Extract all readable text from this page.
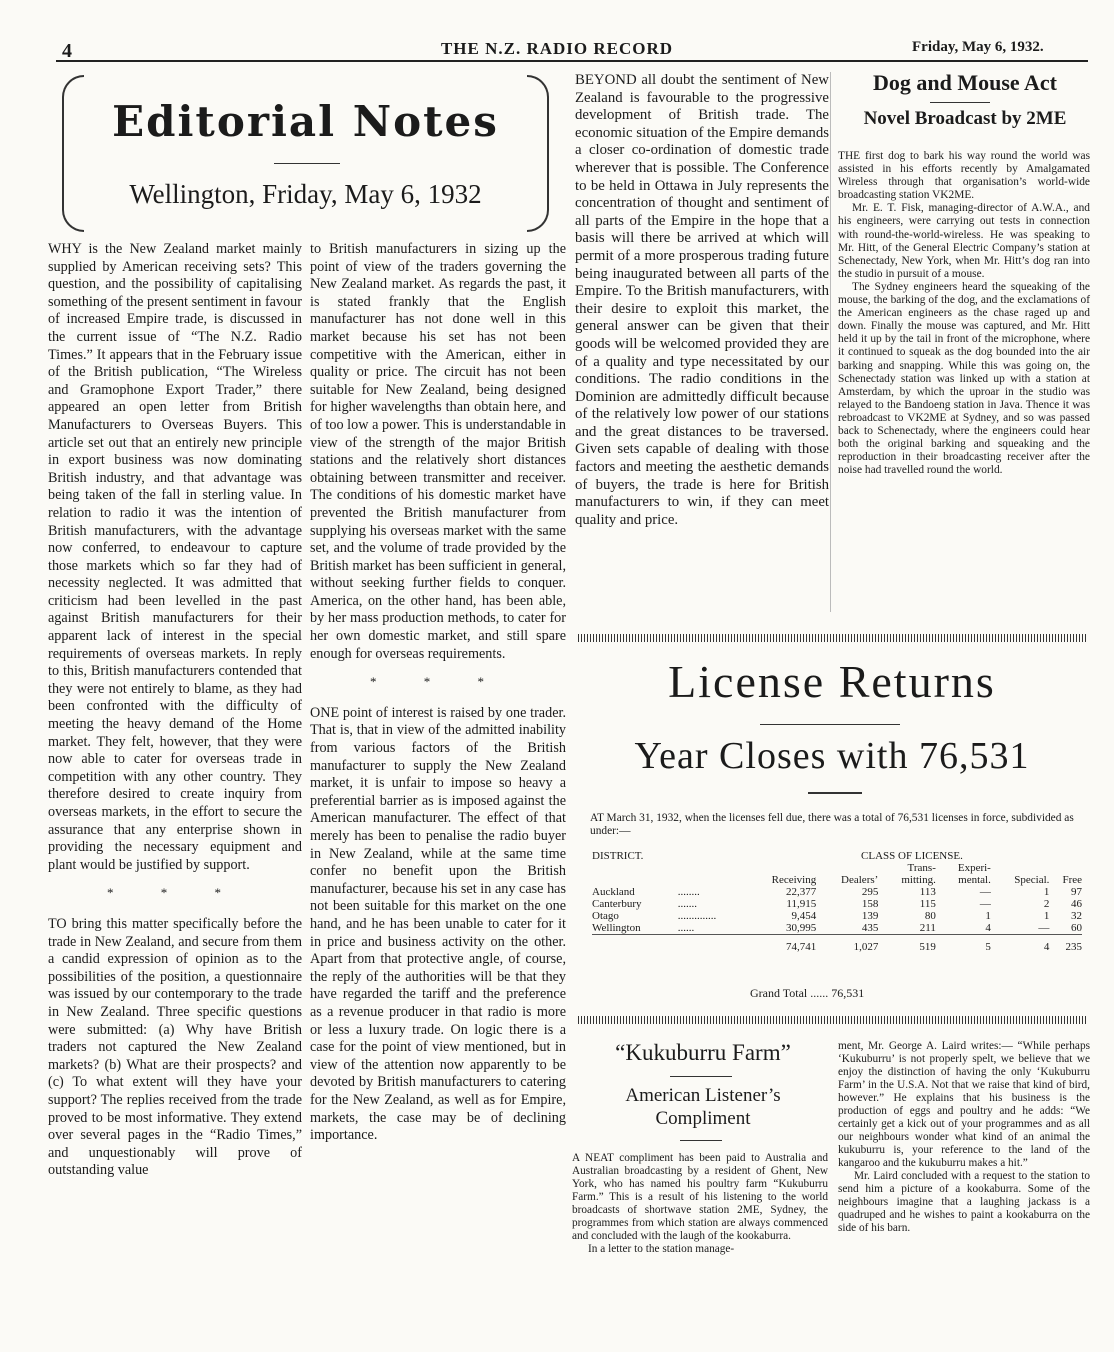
4	THE N.Z. RADIO RECORD	Friday, May 6, 1932.
Editorial Notes
Wellington, Friday, May 6, 1932

WHY is the New Zealand market mainly supplied by American receiving sets? This question, and the possibility of capitalising something of the present sentiment in favour of increased Empire trade, is discussed in the current issue of “The N.Z. Radio Times.” It appears that in the February issue of the British publication, “The Wireless and Gramophone Export Trader,” there appeared an open letter from British Manufacturers to Overseas Buyers. This article set out that an entirely new principle in export business was now dominating British industry, and that advantage was being taken of the fall in sterling value. In relation to radio it was the intention of British manufacturers, with the advantage now conferred, to endeavour to capture those markets which so far they had of necessity neglected. It was admitted that criticism had been levelled in the past against British manufacturers for their apparent lack of interest in the special requirements of overseas markets. In reply to this, British manufacturers contended that they were not entirely to blame, as they had been confronted with the difficulty of meeting the heavy demand of the Home market. They felt, however, that they were now able to cater for overseas trade in competition with any other country. They therefore desired to create inquiry from overseas markets, in the effort to secure the assurance that any enterprise shown in providing the necessary equipment and plant would be justified by support.

* * *

TO bring this matter specifically before the trade in New Zealand, and secure from them a candid expression of opinion as to the possibilities of the position, a questionnaire was issued by our contemporary to the trade in New Zealand. Three specific questions were submitted: (a) Why have British traders not captured the New Zealand markets? (b) What are their prospects? and (c) To what extent will they have your support? The replies received from the trade proved to be most informative. They extend over several pages in the “Radio Times,” and unquestionably will prove of outstanding value

to British manufacturers in sizing up the point of view of the traders governing the New Zealand market. As regards the past, it is stated frankly that the English manufacturer has not done well in this market because his set has not been competitive with the American, either in quality or price. The circuit has not been suitable for New Zealand, being designed for higher wavelengths than obtain here, and of too low a power. This is understandable in view of the strength of the major British stations and the relatively short distances obtaining between transmitter and receiver. The conditions of his domestic market have prevented the British manufacturer from supplying his overseas market with the same set, and the volume of trade provided by the British market has been sufficient in general, without seeking further fields to conquer. America, on the other hand, has been able, by her mass production methods, to cater for her own domestic market, and still spare enough for overseas requirements.

* * *

ONE point of interest is raised by one trader. That is, that in view of the admitted inability from various factors of the British manufacturer to supply the New Zealand market, it is unfair to impose so heavy a preferential barrier as is imposed against the American manufacturer. The effect of that merely has been to penalise the radio buyer in New Zealand, while at the same time confer no benefit upon the British manufacturer, because his set in any case has not been suitable for this market on the one hand, and he has been unable to cater for it in price and business activity on the other. Apart from that protective angle, of course, the reply of the authorities will be that they have regarded the tariff and the preference as a revenue producer in that radio is more or less a luxury trade. On logic there is a case for the point of view mentioned, but in view of the attention now apparently to be devoted by British manufacturers to catering for the New Zealand, as well as for Empire, markets, the case may be of declining importance.

BEYOND all doubt the sentiment of New Zealand is favourable to the progressive development of British trade. The economic situation of the Empire demands a closer co-ordination of domestic trade wherever that is possible. The Conference to be held in Ottawa in July represents the concentration of thought and sentiment of all parts of the Empire in the hope that a basis will there be arrived at which will permit of a more prosperous trading future being inaugurated between all parts of the Empire. To the British manufacturers, with their desire to exploit this market, the general answer can be given that their goods will be welcomed provided they are of a quality and type necessitated by our conditions. The radio conditions in the Dominion are admittedly difficult because of the relatively low power of our stations and the great distances to be traversed. Given sets capable of dealing with those factors and meeting the aesthetic demands of buyers, the trade is here for British manufacturers to win, if they can meet quality and price.

Dog and Mouse Act
Novel Broadcast by 2ME

THE first dog to bark his way round the world was assisted in his efforts recently by Amalgamated Wireless through that organisation’s world-wide broadcasting station VK2ME.

Mr. E. T. Fisk, managing-director of A.W.A., and his engineers, were carrying out tests in connection with round-the-world-wireless. He was speaking to Mr. Hitt, of the General Electric Company’s station at Schenectady, New York, when Mr. Hitt’s dog ran into the studio in pursuit of a mouse.

The Sydney engineers heard the squeaking of the mouse, the barking of the dog, and the exclamations of the American engineers as the chase raged up and down. Finally the mouse was captured, and Mr. Hitt held it up by the tail in front of the microphone, where it continued to squeak as the dog bounded into the air barking and snapping. While this was going on, the Schenectady station was linked up with a station at Amsterdam, by which the uproar in the studio was relayed to the Bandoeng station in Java. Thence it was rebroadcast to VK2ME at Sydney, and so was passed back to Schenectady, where the engineers could hear both the original barking and squeaking and the reproduction in their broadcasting receiver after the noise had travelled round the world.

License Returns
Year Closes with 76,531
AT March 31, 1932, when the licenses fell due, there was a total of 76,531 licenses in force, subdivided as under:—
DISTRICT.		CLASS OF LICENSE.					
				Trans-	Experi-		
		Receiving	Dealers’	mitting.	mental.	Special.	Free
Auckland	........	22,377	295	113	—	1	97
Canterbury	.......	11,915	158	115	—	2	46
Otago	..............	9,454	139	80	1	1	32
Wellington	......	30,995	435	211	4	—	60
		74,741	1,027	519	5	4	235
Grand Total ...... 76,531
“Kukuburru Farm”
American Listener’s Compliment

A NEAT compliment has been paid to Australia and Australian broadcasting by a resident of Ghent, New York, who has named his poultry farm “Kukuburru Farm.” This is a result of his listening to the world broadcasts of shortwave station 2ME, Sydney, the programmes from which station are always commenced and concluded with the laugh of the kookaburra.

In a letter to the station manage-

ment, Mr. George A. Laird writes:— “While perhaps ‘Kukuburru’ is not properly spelt, we believe that we enjoy the distinction of having the only ‘Kukuburru Farm’ in the U.S.A. Not that we raise that kind of bird, however.” He explains that his business is the production of eggs and poultry and he adds: “We certainly get a kick out of your programmes and as all our neighbours wonder what kind of an animal the kukuburru is, your reference to the land of the kangaroo and the kukuburru makes a hit.”

Mr. Laird concluded with a request to the station to send him a picture of a kookaburra. Some of the neighbours imagine that a laughing jackass is a quadruped and he wishes to paint a kookaburra on the side of his barn.
